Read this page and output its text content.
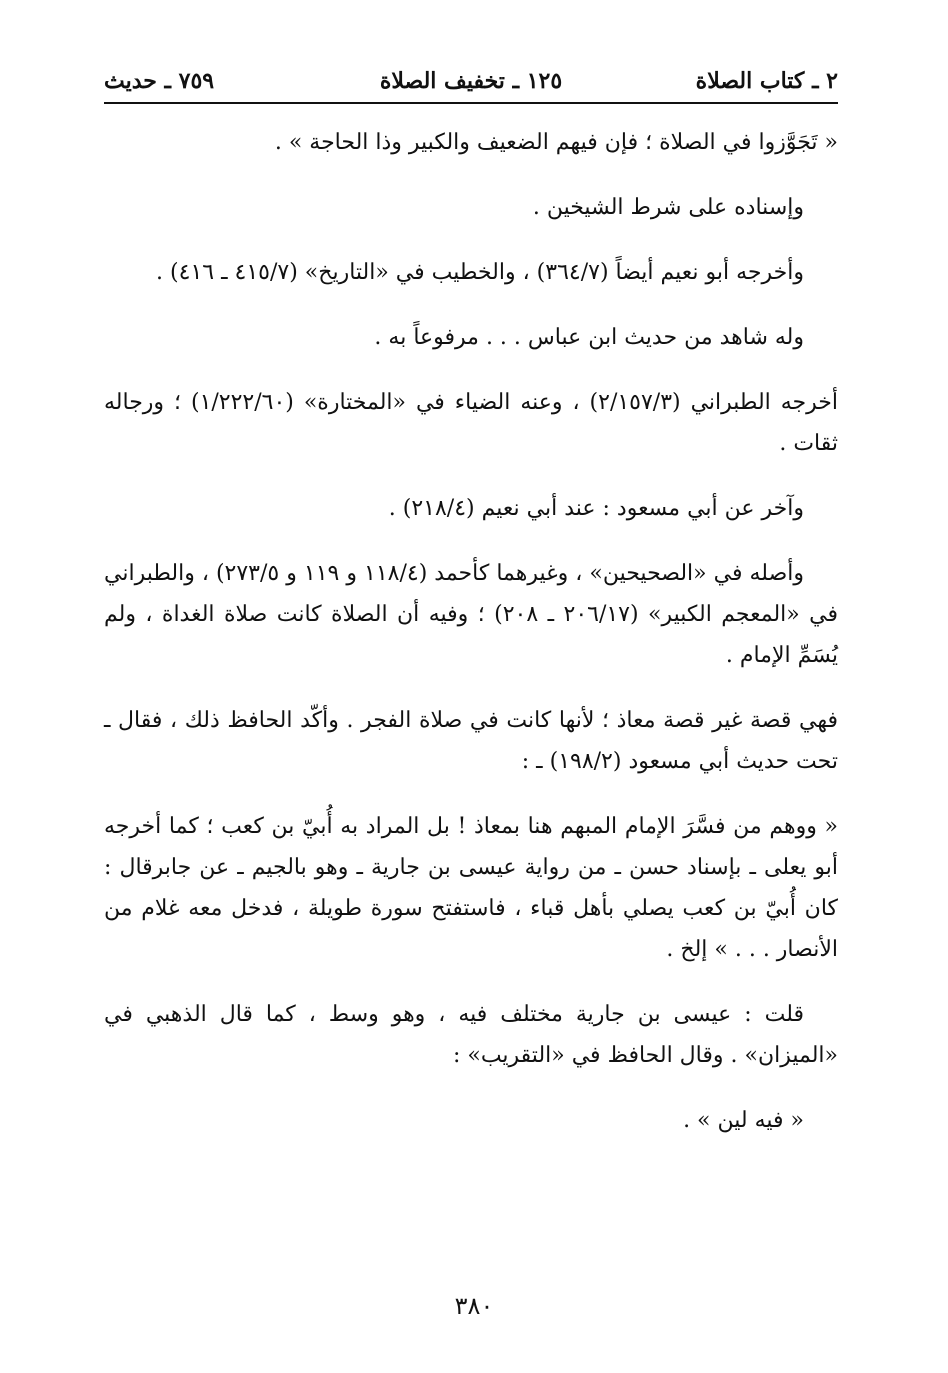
٢ ـ كتاب الصلاة
١٢٥ ـ تخفيف الصلاة
٧٥٩ ـ حديث

« تَجَوَّزوا في الصلاة ؛ فإن فيهم الضعيف والكبير وذا الحاجة » .

وإسناده على شرط الشيخين .

وأخرجه أبو نعيم أيضاً (٣٦٤/٧) ، والخطيب في «التاريخ» (٤١٥/٧ ـ ٤١٦) .

وله شاهد من حديث ابن عباس . . . مرفوعاً به .

أخرجه الطبراني (٢/١٥٧/٣) ، وعنه الضياء في «المختارة» (١/٢٢٢/٦٠) ؛ ورجاله ثقات .

وآخر عن أبي مسعود : عند أبي نعيم (٢١٨/٤) .

وأصله في «الصحيحين» ، وغيرهما كأحمد (١١٨/٤ و ١١٩ و ٢٧٣/٥) ، والطبراني في «المعجم الكبير» (٢٠٦/١٧ ـ ٢٠٨) ؛ وفيه أن الصلاة كانت صلاة الغداة ، ولم يُسَمِّ الإمام .

فهي قصة غير قصة معاذ ؛ لأنها كانت في صلاة الفجر . وأكّد الحافظ ذلك ، فقال ـ تحت حديث أبي مسعود (١٩٨/٢) ـ :

« ووهم من فسَّرَ الإمام المبهم هنا بمعاذ ! بل المراد به أُبيّ بن كعب ؛ كما أخرجه أبو يعلى ـ بإسناد حسن ـ من رواية عيسى بن جارية ـ وهو بالجيم ـ عن جابرقال : كان أُبيّ بن كعب يصلي بأهل قباء ، فاستفتح سورة طويلة ، فدخل معه غلام من الأنصار . . . » إلخ .

قلت : عيسى بن جارية مختلف فيه ، وهو وسط ، كما قال الذهبي في «الميزان» . وقال الحافظ في «التقريب» :

« فيه لين » .

٣٨٠
